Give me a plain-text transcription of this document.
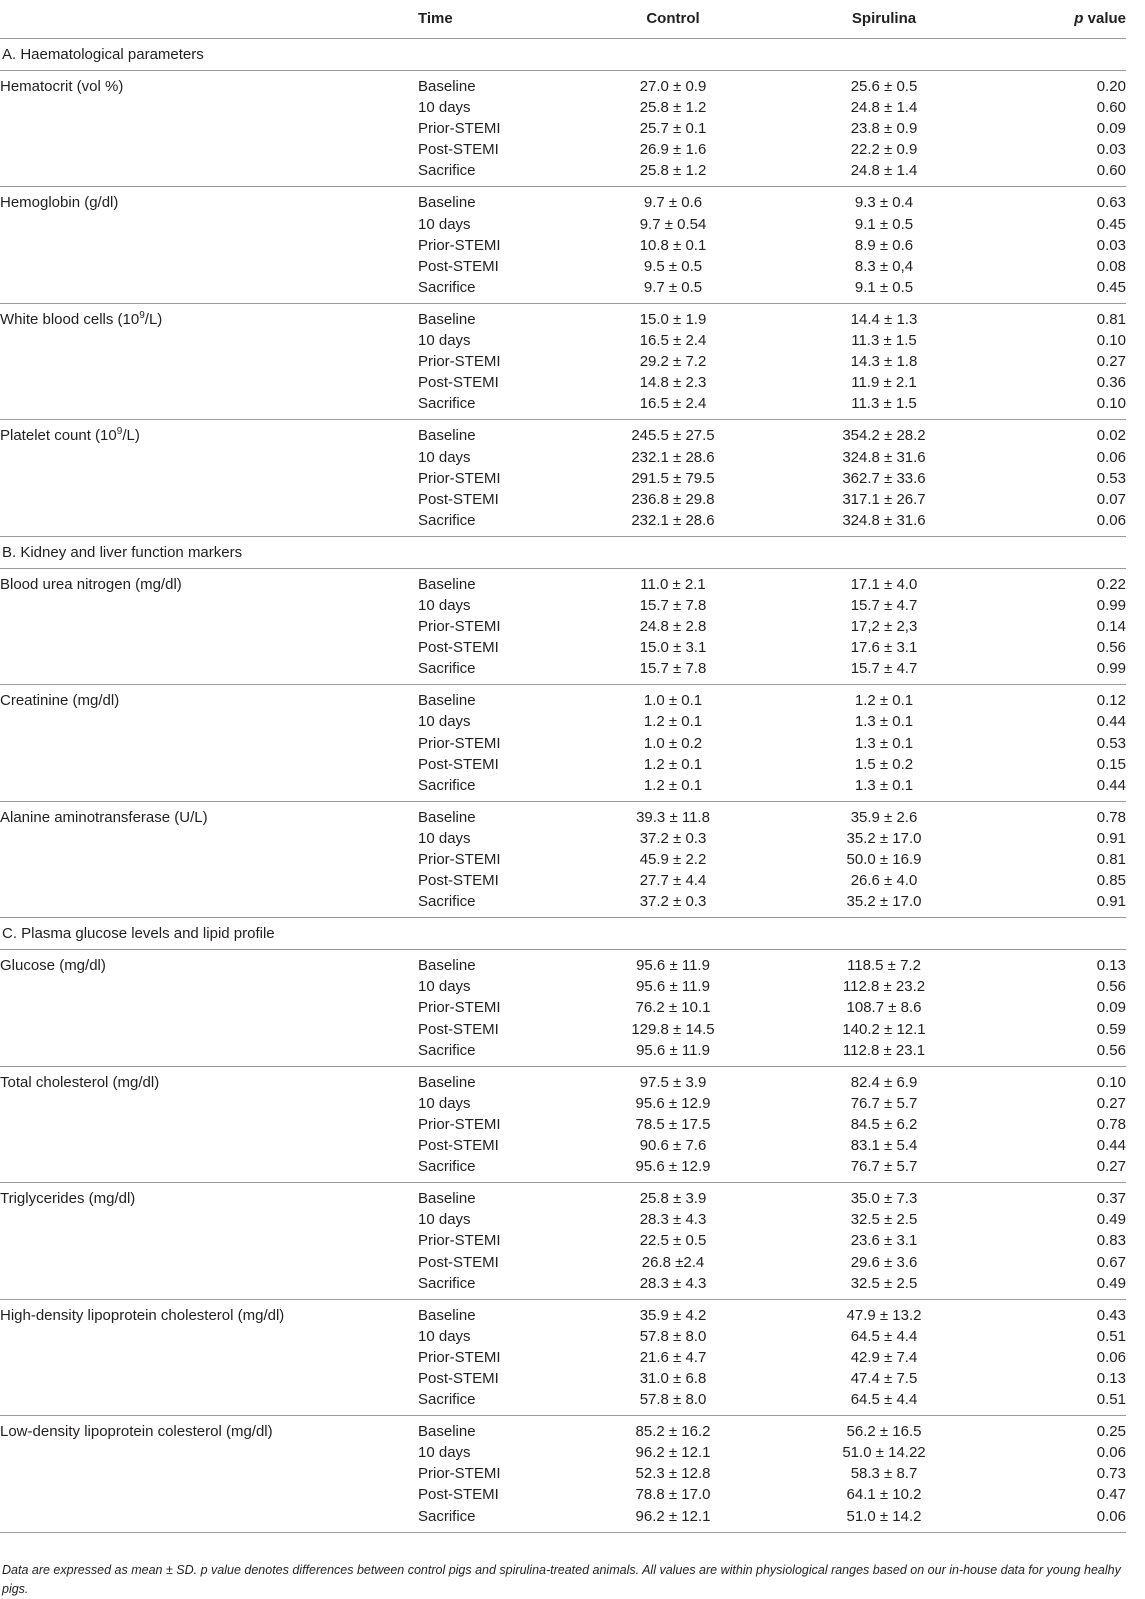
	Time	Control	Spirulina	p value
A. Haematological parameters				
Hematocrit (vol %)	Baseline	27.0 ± 0.9	25.6 ± 0.5	0.20
	10 days	25.8 ± 1.2	24.8 ± 1.4	0.60
	Prior-STEMI	25.7 ± 0.1	23.8 ± 0.9	0.09
	Post-STEMI	26.9 ± 1.6	22.2 ± 0.9	0.03
	Sacrifice	25.8 ± 1.2	24.8 ± 1.4	0.60
Hemoglobin (g/dl)	Baseline	9.7 ± 0.6	9.3 ± 0.4	0.63
	10 days	9.7 ± 0.54	9.1 ± 0.5	0.45
	Prior-STEMI	10.8 ± 0.1	8.9 ± 0.6	0.03
	Post-STEMI	9.5 ± 0.5	8.3 ± 0,4	0.08
	Sacrifice	9.7 ± 0.5	9.1 ± 0.5	0.45
White blood cells $(10^9/L)$	Baseline	15.0 ± 1.9	14.4 ± 1.3	0.81
	10 days	16.5 ± 2.4	11.3 ± 1.5	0.10
	Prior-STEMI	29.2 ± 7.2	14.3 ± 1.8	0.27
	Post-STEMI	14.8 ± 2.3	11.9 ± 2.1	0.36
	Sacrifice	16.5 ± 2.4	11.3 ± 1.5	0.10
Platelet count $(10^9/L)$	Baseline	245.5 ± 27.5	354.2 ± 28.2	0.02
	10 days	232.1 ± 28.6	324.8 ± 31.6	0.06
	Prior-STEMI	291.5 ± 79.5	362.7 ± 33.6	0.53
	Post-STEMI	236.8 ± 29.8	317.1 ± 26.7	0.07
	Sacrifice	232.1 ± 28.6	324.8 ± 31.6	0.06
B. Kidney and liver function markers				
Blood urea nitrogen (mg/dl)	Baseline	11.0 ± 2.1	17.1 ± 4.0	0.22
	10 days	15.7 ± 7.8	15.7 ± 4.7	0.99
	Prior-STEMI	24.8 ± 2.8	17,2 ± 2,3	0.14
	Post-STEMI	15.0 ± 3.1	17.6 ± 3.1	0.56
	Sacrifice	15.7 ± 7.8	15.7 ± 4.7	0.99
Creatinine (mg/dl)	Baseline	1.0 ± 0.1	1.2 ± 0.1	0.12
	10 days	1.2 ± 0.1	1.3 ± 0.1	0.44
	Prior-STEMI	1.0 ± 0.2	1.3 ± 0.1	0.53
	Post-STEMI	1.2 ± 0.1	1.5 ± 0.2	0.15
	Sacrifice	1.2 ± 0.1	1.3 ± 0.1	0.44
Alanine aminotransferase (U/L)	Baseline	39.3 ± 11.8	35.9 ± 2.6	0.78
	10 days	37.2 ± 0.3	35.2 ± 17.0	0.91
	Prior-STEMI	45.9 ± 2.2	50.0 ± 16.9	0.81
	Post-STEMI	27.7 ± 4.4	26.6 ± 4.0	0.85
	Sacrifice	37.2 ± 0.3	35.2 ± 17.0	0.91
C. Plasma glucose levels and lipid profile				
Glucose (mg/dl)	Baseline	95.6 ± 11.9	118.5 ± 7.2	0.13
	10 days	95.6 ± 11.9	112.8 ± 23.2	0.56
	Prior-STEMI	76.2 ± 10.1	108.7 ± 8.6	0.09
	Post-STEMI	129.8 ± 14.5	140.2 ± 12.1	0.59
	Sacrifice	95.6 ± 11.9	112.8 ± 23.1	0.56
Total cholesterol (mg/dl)	Baseline	97.5 ± 3.9	82.4 ± 6.9	0.10
	10 days	95.6 ± 12.9	76.7 ± 5.7	0.27
	Prior-STEMI	78.5 ± 17.5	84.5 ± 6.2	0.78
	Post-STEMI	90.6 ± 7.6	83.1 ± 5.4	0.44
	Sacrifice	95.6 ± 12.9	76.7 ± 5.7	0.27
Triglycerides (mg/dl)	Baseline	25.8 ± 3.9	35.0 ± 7.3	0.37
	10 days	28.3 ± 4.3	32.5 ± 2.5	0.49
	Prior-STEMI	22.5 ± 0.5	23.6 ± 3.1	0.83
	Post-STEMI	26.8 ±2.4	29.6 ± 3.6	0.67
	Sacrifice	28.3 ± 4.3	32.5 ± 2.5	0.49
High-density lipoprotein cholesterol (mg/dl)	Baseline	35.9 ± 4.2	47.9 ± 13.2	0.43
	10 days	57.8 ± 8.0	64.5 ± 4.4	0.51
	Prior-STEMI	21.6 ± 4.7	42.9 ± 7.4	0.06
	Post-STEMI	31.0 ± 6.8	47.4 ± 7.5	0.13
	Sacrifice	57.8 ± 8.0	64.5 ± 4.4	0.51
Low-density lipoprotein colesterol (mg/dl)	Baseline	85.2 ± 16.2	56.2 ± 16.5	0.25
	10 days	96.2 ± 12.1	51.0 ± 14.22	0.06
	Prior-STEMI	52.3 ± 12.8	58.3 ± 8.7	0.73
	Post-STEMI	78.8 ± 17.0	64.1 ± 10.2	0.47
	Sacrifice	96.2 ± 12.1	51.0 ± 14.2	0.06
Data are expressed as mean ± SD. p value denotes differences between control pigs and spirulina-treated animals. All values are within physiological ranges based on our in-house data for young healhy pigs.
